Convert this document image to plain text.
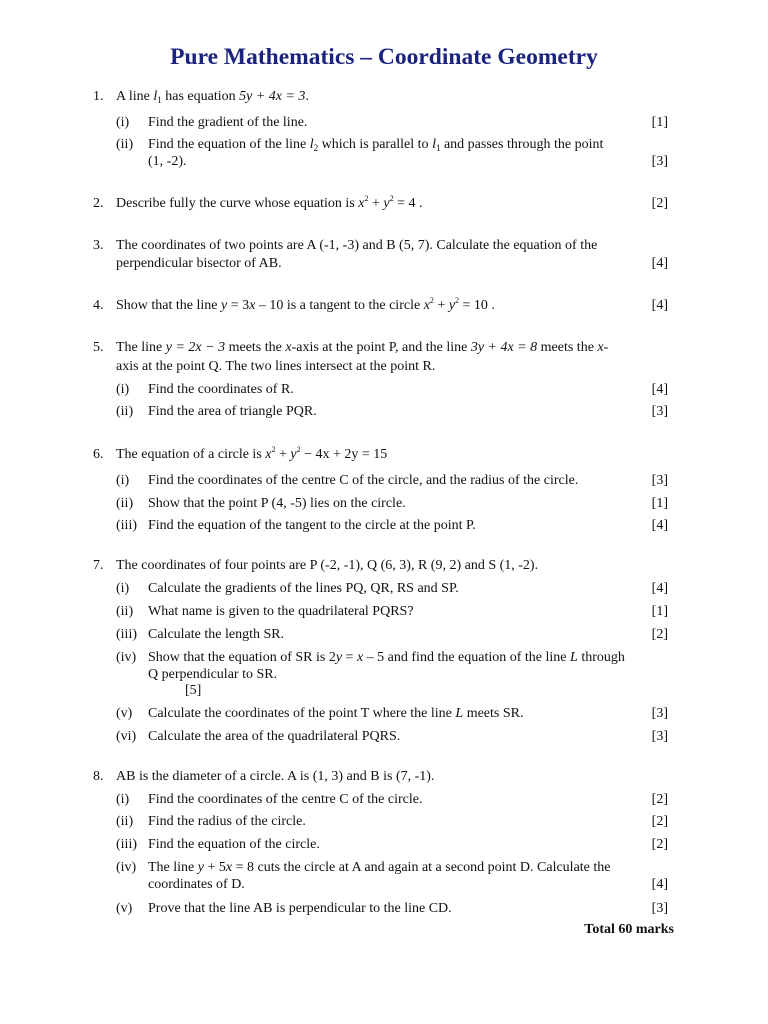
Pure Mathematics – Coordinate Geometry
1. A line $l_1$ has equation 5y + 4x = 3.
(i) Find the gradient of the line.	[1]
(ii) Find the equation of the line $l_2$ which is parallel to $l_1$ and passes through the point
(1, -2).	[3]
2. Describe fully the curve whose equation is $x^2 + y^2 = 4$ .	[2]
3. The coordinates of two points are A (-1, -3) and B (5, 7). Calculate the equation of the
perpendicular bisector of AB.	[4]
4. Show that the line y = 3x – 10 is a tangent to the circle $x^2 + y^2 = 10$ .	[4]
5. The line y = 2x − 3 meets the x-axis at the point P, and the line 3y + 4x = 8 meets the x-
axis at the point Q. The two lines intersect at the point R.
(i) Find the coordinates of R.	[4]
(ii) Find the area of triangle PQR.	[3]
6. The equation of a circle is $x^2 + y^2 - 4x + 2y = 15$
(i) Find the coordinates of the centre C of the circle, and the radius of the circle.	[3]
(ii) Show that the point P (4, -5) lies on the circle.	[1]
(iii) Find the equation of the tangent to the circle at the point P.	[4]
7. The coordinates of four points are P (-2, -1), Q (6, 3), R (9, 2) and S (1, -2).
(i) Calculate the gradients of the lines PQ, QR, RS and SP.	[4]
(ii) What name is given to the quadrilateral PQRS?	[1]
(iii) Calculate the length SR.	[2]
(iv) Show that the equation of SR is 2y = x – 5 and find the equation of the line L through
Q perpendicular to SR.
[5]
(v) Calculate the coordinates of the point T where the line L meets SR.	[3]
(vi) Calculate the area of the quadrilateral PQRS.	[3]
8. AB is the diameter of a circle. A is (1, 3) and B is (7, -1).
(i) Find the coordinates of the centre C of the circle.	[2]
(ii) Find the radius of the circle.	[2]
(iii) Find the equation of the circle.	[2]
(iv) The line y + 5x = 8 cuts the circle at A and again at a second point D. Calculate the
coordinates of D.	[4]
(v) Prove that the line AB is perpendicular to the line CD.	[3]
Total 60 marks
